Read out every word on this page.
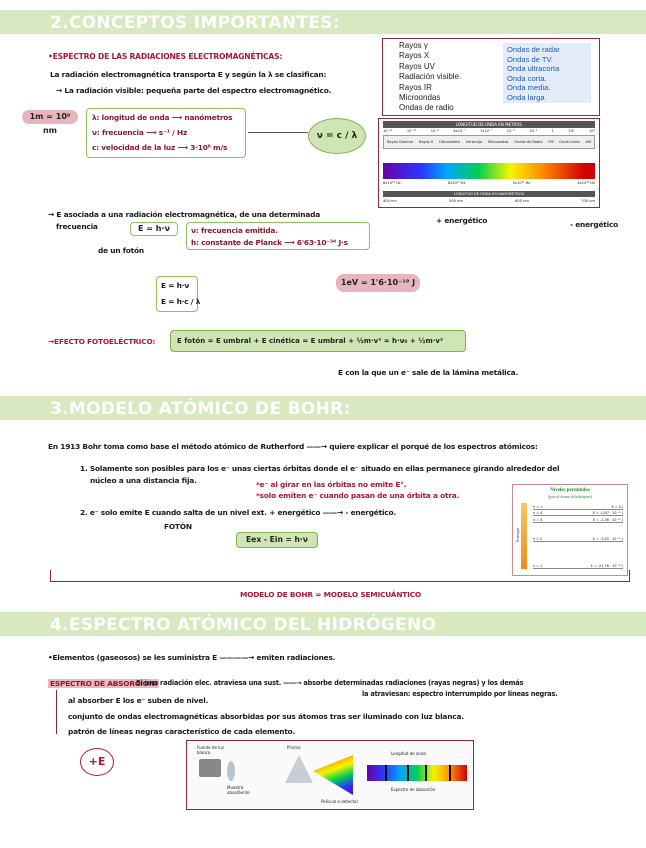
2.CONCEPTOS IMPORTANTES:
•ESPECTRO DE LAS RADIACIONES ELECTROMAGNÉTICAS:
La radiación electromagnética transporta E y según la λ se clasifican:
→ La radiación visible: pequeña parte del espectro electromagnético.
Rayos γ
Rayos X
Rayos UV
Radiación visible.
Rayos IR
Microondas
Ondas de radio
Ondas de radar
Ondas de TV.
Onda ultracorta
Onda corta.
Onda media.
Onda larga
1m = 10⁹ nm
λ: longitud de onda ⟶ nanómetros
ν: frecuencia ⟶ s⁻¹ / Hz
c: velocidad de la luz ⟶ 3·10⁸ m/s
ν = c / λ
LONGITUD DE ONDA EN METROS
10⁻¹²	10⁻¹⁰	10⁻⁸	4x10⁻⁷	7x10⁻⁷	10⁻⁴	10⁻²	1	10²	10⁴
Rayos Gamma Rayos X Ultravioleta Infrarrojo Microondas Ondas de Radio FM Onda Corta AM
8x10¹⁴ Hz	6x10¹⁴ Hz	5x10¹⁴ Hz	4x10¹⁴ Hz
LONGITUD DE ONDA EN NANÓMETROS
400 nm	500 nm	600 nm	700 nm
+ energético	- energético
→ E asociada a una radiación electromagnética, de una determinada
frecuencia	E = h·ν
de un fotón
ν: frecuencia emitida.
h: constante de Planck ⟶ 6'63·10⁻³⁴ J·s
E = h·ν
E = h·c / λ
1eV = 1'6·10⁻¹⁹ J
→EFECTO FOTOELÉCTRICO:	E fotón = E umbral + E cinética = E umbral + ½m·v² = h·ν₀ + ½m·v²
E con la que un e⁻ sale de la lámina metálica.
3.MODELO ATÓMICO DE BOHR:
En 1913 Bohr toma como base el método atómico de Rutherford ——→ quiere explicar el porqué de los espectros atómicos:
1. Solamente son posibles para los e⁻ unas ciertas órbitas donde el e⁻ situado en ellas permanece girando alrededor del
núcleo a una distancia fija.	*e⁻ al girar en las órbitas no emite E°.
*solo emiten e⁻ cuando pasan de una órbita a otra.
2. e⁻ solo emite E cuando salta de un nivel ext. + energético ——→ - energético.
FOTÓN
Eex - Ein = h·ν
Niveles permitidos
(para el átomo de hidrógeno)
Energía
n = ∞	E = 0 J
n = 4	E = -0,87 · 10⁻¹⁹ J
n = 3	E = -2,36 · 10⁻¹⁹ J
n = 2	E = -5,45 · 10⁻¹⁹ J
n = 1	E = -21,76 · 10⁻¹⁹ J
MODELO DE BOHR = MODELO SEMICUÁNTICO
4.ESPECTRO ATÓMICO DEL HIDRÓGENO
•Elementos (gaseosos) se les suministra E ————→ emiten radiaciones.
ESPECTRO DE ABSORCIÓN:
Si una radiación elec. atraviesa una sust. ——→ absorbe determinadas radiaciones (rayas negras) y los demás
la atraviesan: espectro interrumpido por líneas negras.
al absorber E los e⁻ suben de nivel.
conjunto de ondas electromagnéticas absorbidas por sus átomos tras ser iluminado con luz blanca.
patrón de líneas negras característico de cada elemento.
+E
Fuente de luz blanca
Muestra absorbente
Prisma
Película o detector
Longitud de onda
Espectro de absorción
